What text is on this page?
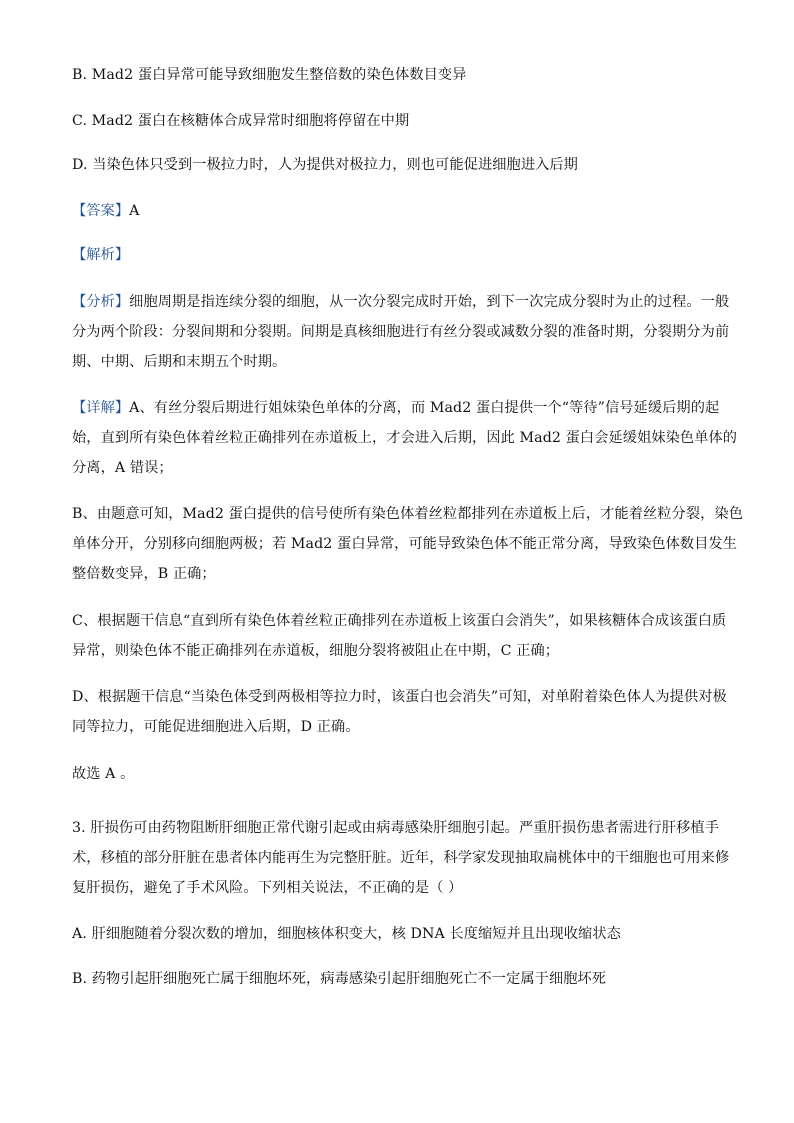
B. Mad2 蛋白异常可能导致细胞发生整倍数的染色体数目变异
C. Mad2 蛋白在核糖体合成异常时细胞将停留在中期
D. 当染色体只受到一极拉力时，人为提供对极拉力，则也可能促进细胞进入后期
【答案】A
【解析】
【分析】细胞周期是指连续分裂的细胞，从一次分裂完成时开始，到下一次完成分裂时为止的过程。一般
分为两个阶段：分裂间期和分裂期。间期是真核细胞进行有丝分裂或减数分裂的准备时期，分裂期分为前
期、中期、后期和末期五个时期。
【详解】A、有丝分裂后期进行姐妹染色单体的分离，而 Mad2 蛋白提供一个“等待”信号延缓后期的起
始，直到所有染色体着丝粒正确排列在赤道板上，才会进入后期，因此 Mad2 蛋白会延缓姐妹染色单体的
分离，A 错误；
B、由题意可知，Mad2 蛋白提供的信号使所有染色体着丝粒都排列在赤道板上后，才能着丝粒分裂，染色
单体分开，分别移向细胞两极；若 Mad2 蛋白异常，可能导致染色体不能正常分离，导致染色体数目发生
整倍数变异，B 正确；
C、根据题干信息“直到所有染色体着丝粒正确排列在赤道板上该蛋白会消失”，如果核糖体合成该蛋白质
异常，则染色体不能正确排列在赤道板，细胞分裂将被阻止在中期，C 正确；
D、根据题干信息“当染色体受到两极相等拉力时，该蛋白也会消失”可知，对单附着染色体人为提供对极
同等拉力，可能促进细胞进入后期，D 正确。
故选 A 。
3. 肝损伤可由药物阻断肝细胞正常代谢引起或由病毒感染肝细胞引起。严重肝损伤患者需进行肝移植手
术，移植的部分肝脏在患者体内能再生为完整肝脏。近年，科学家发现抽取扁桃体中的干细胞也可用来修
复肝损伤，避免了手术风险。下列相关说法，不正确的是（ ）
A. 肝细胞随着分裂次数的增加，细胞核体积变大，核 DNA 长度缩短并且出现收缩状态
B. 药物引起肝细胞死亡属于细胞坏死，病毒感染引起肝细胞死亡不一定属于细胞坏死
